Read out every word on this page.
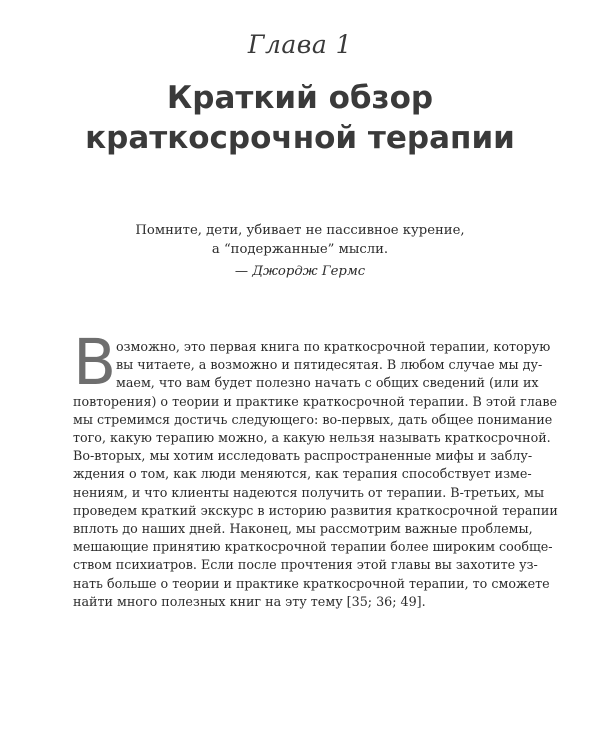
Глава 1
Краткий обзор
краткосрочной терапии
Помните, дети, убивает не пассивное курение,
а “подержанные” мысли.
— Джордж Гермс
В озможно, это первая книга по краткосрочной терапии, которую
вы читаете, а возможно и пятидесятая. В любом случае мы ду-
маем, что вам будет полезно начать с общих сведений (или их
повторения) о теории и практике краткосрочной терапии. В этой главе
мы стремимся достичь следующего: во-первых, дать общее понимание
того, какую терапию можно, а какую нельзя называть краткосрочной.
Во-вторых, мы хотим исследовать распространенные мифы и заблу-
ждения о том, как люди меняются, как терапия способствует изме-
нениям, и что клиенты надеются получить от терапии. В-третьих, мы
проведем краткий экскурс в историю развития краткосрочной терапии
вплоть до наших дней. Наконец, мы рассмотрим важные проблемы,
мешающие принятию краткосрочной терапии более широким сообще-
ством психиатров. Если после прочтения этой главы вы захотите уз-
нать больше о теории и практике краткосрочной терапии, то сможете
найти много полезных книг на эту тему [35; 36; 49].
